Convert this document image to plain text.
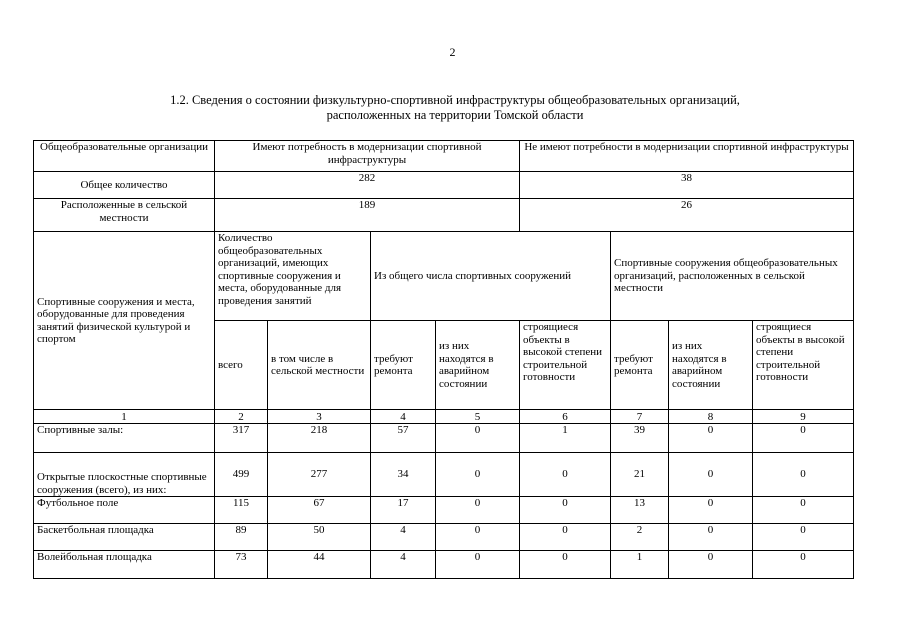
2
1.2. Сведения о состоянии физкультурно-спортивной инфраструктуры общеобразовательных организаций,
расположенных на территории Томской области
Общеобразовательные организации	Имеют потребность в модернизации спортивной инфраструктуры				Не имеют потребности в модернизации спортивной инфраструктуры			
Общее количество	282				38			
Расположенные в сельской местности	189				26			
Спортивные сооружения и места, оборудованные для проведения занятий физической культурой и спортом	Количество общеобразовательных организаций, имеющих спортивные сооружения и места, оборудованные для проведения занятий		Из общего числа спортивных сооружений			Спортивные сооружения общеобразовательных организаций, расположенных в сельской местности		
	всего	в том числе в сельской местности	требуют ремонта	из них находятся в аварийном состоянии	строящиеся объекты в высокой степени строительной готовности	требуют ремонта	из них находятся в аварийном состоянии	строящиеся объекты в высокой степени строительной готовности
1	2	3	4	5	6	7	8	9
Спортивные залы:	317	218	57	0	1	39	0	0
Открытые плоскостные спортивные сооружения (всего), из них:	499	277	34	0	0	21	0	0
Футбольное поле	115	67	17	0	0	13	0	0
Баскетбольная площадка	89	50	4	0	0	2	0	0
Волейбольная площадка	73	44	4	0	0	1	0	0
